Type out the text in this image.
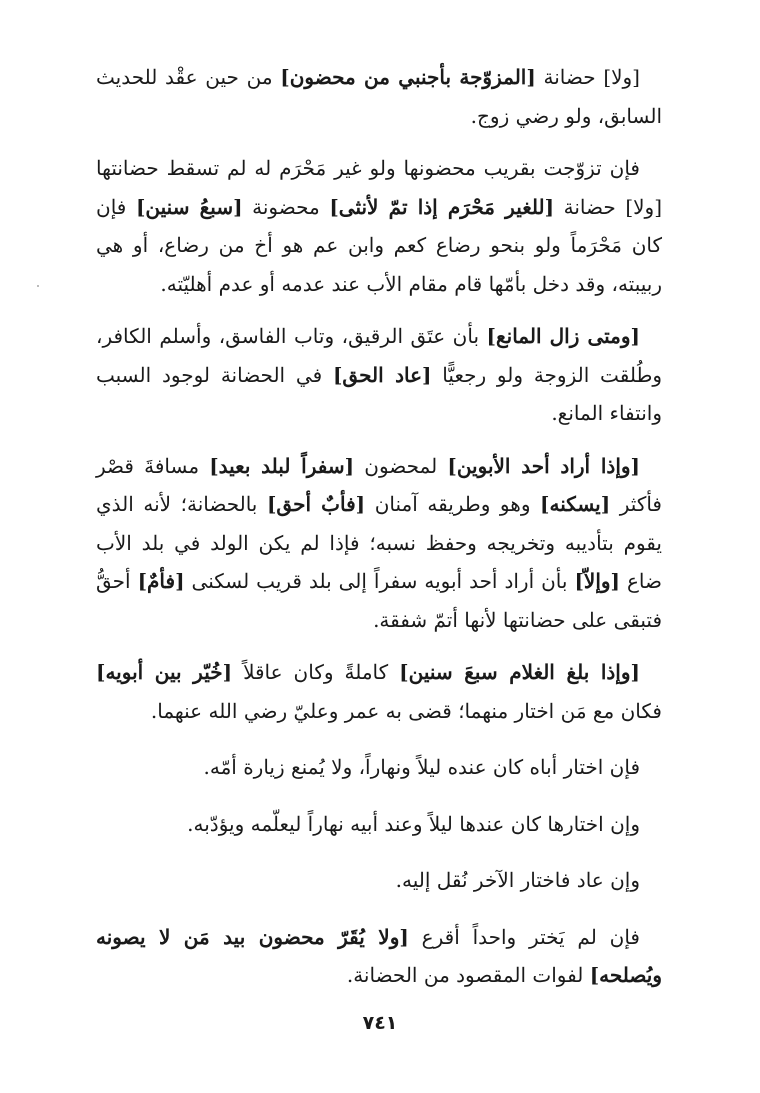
[ولا] حضانة [المزوّجة بأجنبي من محضون] من حين عقْد للحديث السابق، ولو رضي زوج.

فإن تزوّجت بقريب محضونها ولو غير مَحْرَم له لم تسقط حضانتها [ولا] حضانة [للغير مَحْرَم إذا تمّ لأنثى] محضونة [سبعُ سنين] فإن كان مَحْرَماً ولو بنحو رضاع كعم وابن عم هو أخ من رضاع، أو هي ربيبته، وقد دخل بأمّها قام مقام الأب عند عدمه أو عدم أهليّته.

[ومتى زال المانع] بأن عتَق الرقيق، وتاب الفاسق، وأسلم الكافر، وطُلقت الزوجة ولو رجعيًّا [عاد الحق] في الحضانة لوجود السبب وانتفاء المانع.

[وإذا أراد أحد الأبوين] لمحضون [سفراً لبلد بعيد] مسافةَ قصْر فأكثر [يسكنه] وهو وطريقه آمنان [فأبٌ أحق] بالحضانة؛ لأنه الذي يقوم بتأديبه وتخريجه وحفظ نسبه؛ فإذا لم يكن الولد في بلد الأب ضاع [وإلاّ] بأن أراد أحد أبويه سفراً إلى بلد قريب لسكنى [فأمٌ] أحقُّ فتبقى على حضانتها لأنها أتمّ شفقة.

[وإذا بلغ الغلام سبعَ سنين] كاملةً وكان عاقلاً [خُيّر بين أبويه] فكان مع مَن اختار منهما؛ قضى به عمر وعليّ رضي الله عنهما.

فإن اختار أباه كان عنده ليلاً ونهاراً، ولا يُمنع زيارة أمّه.

وإن اختارها كان عندها ليلاً وعند أبيه نهاراً ليعلّمه ويؤدّبه.

وإن عاد فاختار الآخر نُقل إليه.

فإن لم يَختر واحداً أقرع [ولا يُقَرّ محضون بيد مَن لا يصونه ويُصلحه] لفوات المقصود من الحضانة.

٧٤١
